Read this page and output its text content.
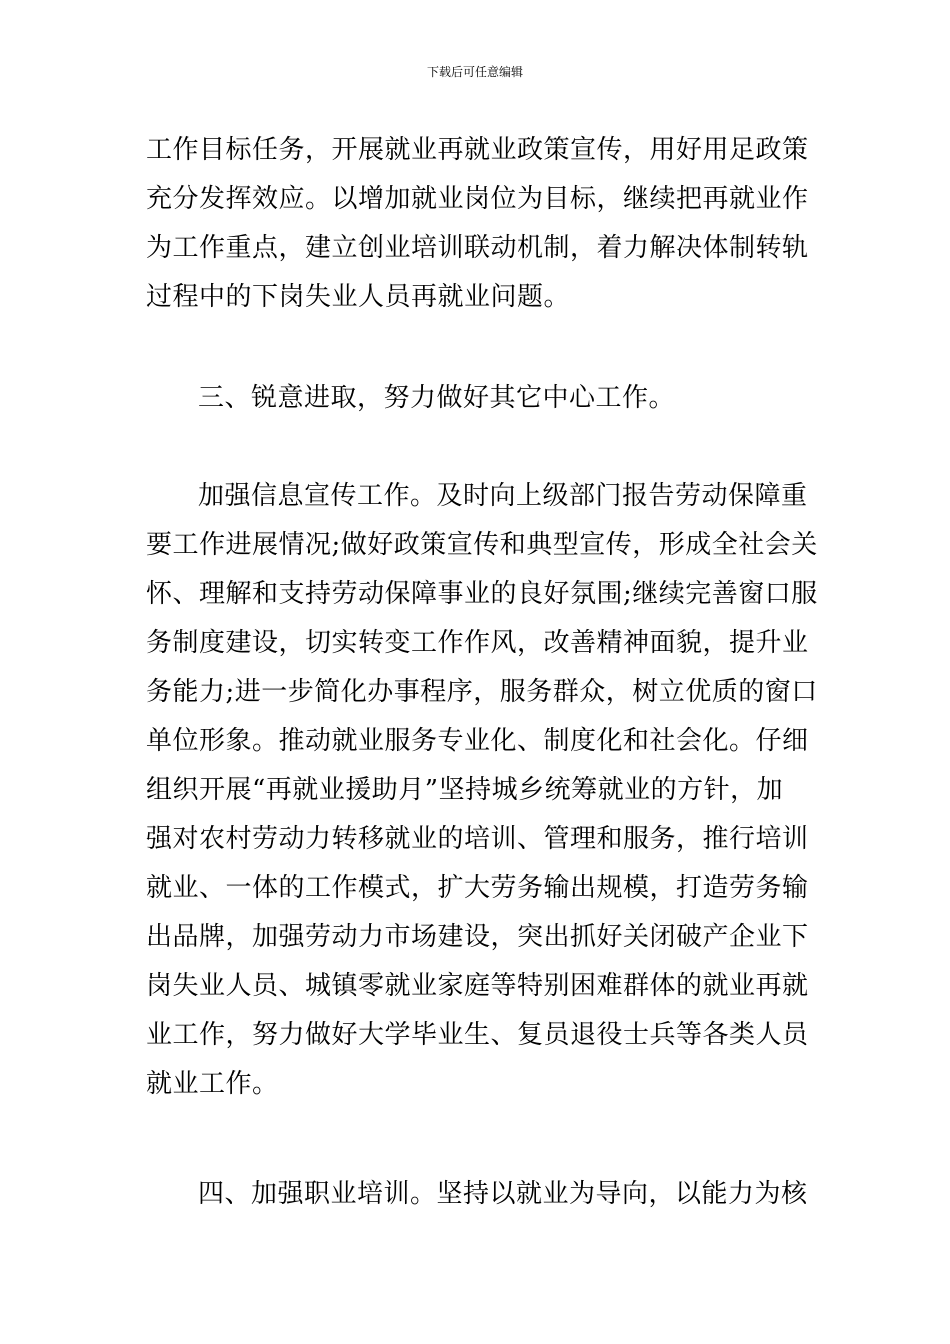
下载后可任意编辑
工作目标任务，开展就业再就业政策宣传，用好用足政策
充分发挥效应。以增加就业岗位为目标，继续把再就业作
为工作重点，建立创业培训联动机制，着力解决体制转轨
过程中的下岗失业人员再就业问题。
三、锐意进取，努力做好其它中心工作。
加强信息宣传工作。及时向上级部门报告劳动保障重
要工作进展情况;做好政策宣传和典型宣传，形成全社会关
怀、理解和支持劳动保障事业的良好氛围;继续完善窗口服
务制度建设，切实转变工作作风，改善精神面貌，提升业
务能力;进一步简化办事程序，服务群众，树立优质的窗口
单位形象。推动就业服务专业化、制度化和社会化。仔细
组织开展“再就业援助月”坚持城乡统筹就业的方针，加
强对农村劳动力转移就业的培训、管理和服务，推行培训
就业、一体的工作模式，扩大劳务输出规模，打造劳务输
出品牌，加强劳动力市场建设，突出抓好关闭破产企业下
岗失业人员、城镇零就业家庭等特别困难群体的就业再就
业工作，努力做好大学毕业生、复员退役士兵等各类人员
就业工作。
四、加强职业培训。坚持以就业为导向，以能力为核
